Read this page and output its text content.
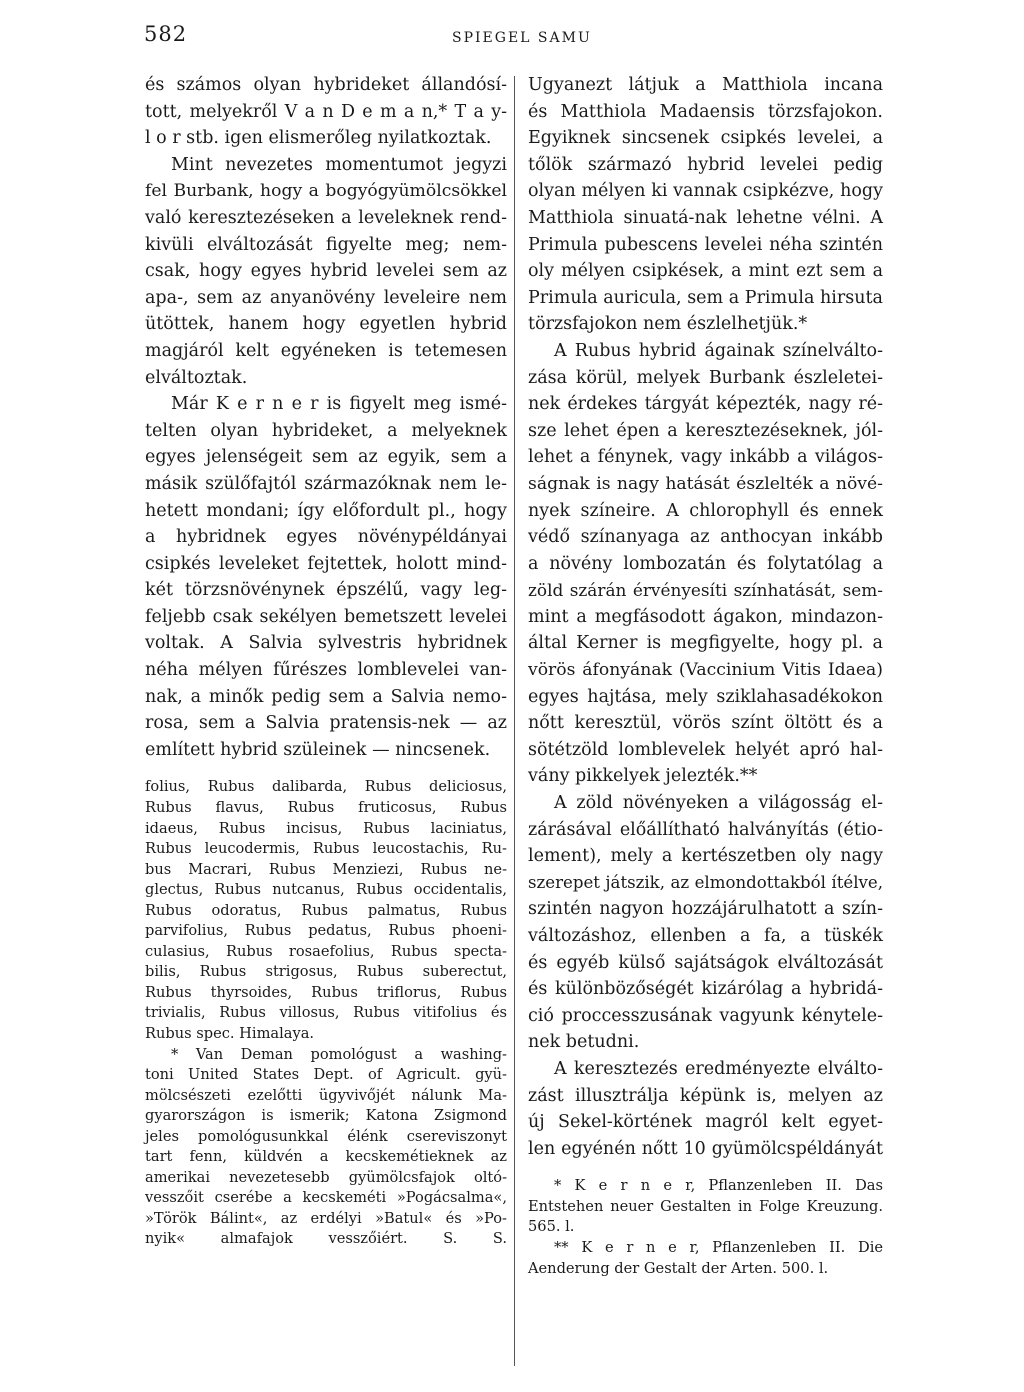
582	SPIEGEL SAMU
és számos olyan hybrideket állandósí-
tott, melyekről V a n D e m a n,* T a y-
l o r stb. igen elismerőleg nyilatkoztak.
Mint nevezetes momentumot jegyzi
fel Burbank, hogy a bogyógyümölcsökkel
való keresztezéseken a leveleknek rend-
kivüli elváltozását figyelte meg; nem-
csak, hogy egyes hybrid levelei sem az
apa-, sem az anyanövény leveleire nem
ütöttek, hanem hogy egyetlen hybrid
magjáról kelt egyéneken is tetemesen
elváltoztak.
Már K e r n e r is figyelt meg ismé-
telten olyan hybrideket, a melyeknek
egyes jelenségeit sem az egyik, sem a
másik szülőfajtól származóknak nem le-
hetett mondani; így előfordult pl., hogy
a hybridnek egyes növénypéldányai
csipkés leveleket fejtettek, holott mind-
két törzsnövénynek épszélű, vagy leg-
feljebb csak sekélyen bemetszett levelei
voltak. A Salvia sylvestris hybridnek
néha mélyen fűrészes lomblevelei van-
nak, a minők pedig sem a Salvia nemo-
rosa, sem a Salvia pratensis-nek — az
említett hybrid szüleinek — nincsenek.
folius, Rubus dalibarda, Rubus deliciosus,
Rubus flavus, Rubus fruticosus, Rubus
idaeus, Rubus incisus, Rubus laciniatus,
Rubus leucodermis, Rubus leucostachis, Ru-
bus Macrari, Rubus Menziezi, Rubus ne-
glectus, Rubus nutcanus, Rubus occidentalis,
Rubus odoratus, Rubus palmatus, Rubus
parvifolius, Rubus pedatus, Rubus phoeni-
culasius, Rubus rosaefolius, Rubus specta-
bilis, Rubus strigosus, Rubus suberectut,
Rubus thyrsoides, Rubus triflorus, Rubus
trivialis, Rubus villosus, Rubus vitifolius és
Rubus spec. Himalaya.
* Van Deman pomológust a washing-
toni United States Dept. of Agricult. gyü-
mölcsészeti ezelőtti ügyvivőjét nálunk Ma-
gyarországon is ismerik; Katona Zsigmond
jeles pomológusunkkal élénk csereviszonyt
tart fenn, küldvén a kecskemétieknek az
amerikai nevezetesebb gyümölcsfajok oltó-
vesszőit cserébe a kecskeméti »Pogácsalma«,
»Török Bálint«, az erdélyi »Batul« és »Po-
nyik« almafajok vesszőiért. S. S.
Ugyanezt látjuk a Matthiola incana
és Matthiola Madaensis törzsfajokon.
Egyiknek sincsenek csipkés levelei, a
tőlök származó hybrid levelei pedig
olyan mélyen ki vannak csipkézve, hogy
Matthiola sinuatá-nak lehetne vélni. A
Primula pubescens levelei néha szintén
oly mélyen csipkések, a mint ezt sem a
Primula auricula, sem a Primula hirsuta
törzsfajokon nem észlelhetjük.*
A Rubus hybrid ágainak színelválto-
zása körül, melyek Burbank észleletei-
nek érdekes tárgyát képezték, nagy ré-
sze lehet épen a keresztezéseknek, jól-
lehet a fénynek, vagy inkább a világos-
ságnak is nagy hatását észlelték a növé-
nyek színeire. A chlorophyll és ennek
védő színanyaga az anthocyan inkább
a növény lombozatán és folytatólag a
zöld szárán érvényesíti színhatását, sem-
mint a megfásodott ágakon, mindazon-
által Kerner is megfigyelte, hogy pl. a
vörös áfonyának (Vaccinium Vitis Idaea)
egyes hajtása, mely sziklahasadékokon
nőtt keresztül, vörös színt öltött és a
sötétzöld lomblevelek helyét apró hal-
vány pikkelyek jelezték.**
A zöld növényeken a világosság el-
zárásával előállítható halványítás (étio-
lement), mely a kertészetben oly nagy
szerepet játszik, az elmondottakból ítélve,
szintén nagyon hozzájárulhatott a szín-
változáshoz, ellenben a fa, a tüskék
és egyéb külső sajátságok elváltozását
és különbözőségét kizárólag a hybridá-
ció proccesszusának vagyunk kénytele-
nek betudni.
A keresztezés eredményezte elválto-
zást illusztrálja képünk is, melyen az
új Sekel-körtének magról kelt egyet-
len egyénén nőtt 10 gyümölcspéldányát
* K e r n e r, Pflanzenleben II. Das
Entstehen neuer Gestalten in Folge Kreuzung.
565. l.
** K e r n e r, Pflanzenleben II. Die
Aenderung der Gestalt der Arten. 500. l.
